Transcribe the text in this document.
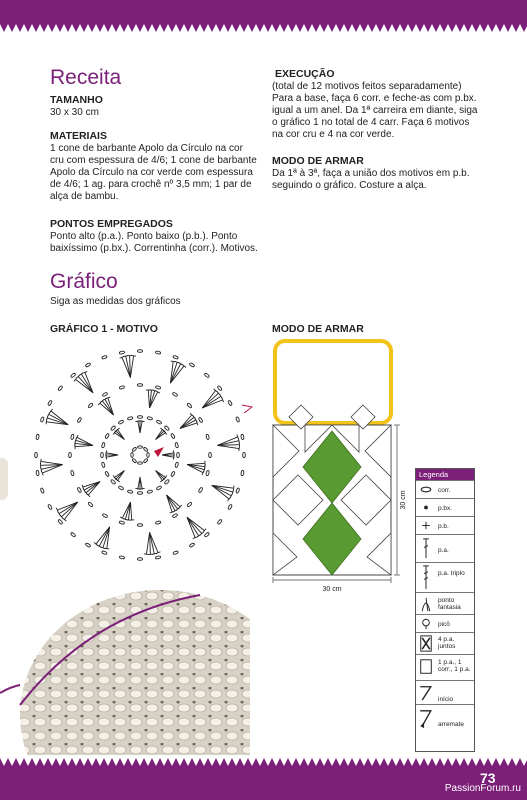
Receita

TAMANHO

30 x 30 cm

MATERIAIS

1 cone de barbante Apolo da Círculo na cor
cru com espessura de 4/6; 1 cone de barbante
Apolo da Círculo na cor verde com espessura
de 4/6; 1 ag. para crochê nº 3,5 mm; 1 par de
alça de bambu.

PONTOS EMPREGADOS

Ponto alto (p.a.). Ponto baixo (p.b.). Ponto
baixíssimo (p.bx.). Correntinha (corr.). Motivos.

EXECUÇÃO

(total de 12 motivos feitos separadamente)
Para a base, faça 6 corr. e feche-as com p.bx.
igual a um anel. Da 1ª carreira em diante, siga
o gráfico 1 no total de 4 carr. Faça 6 motivos
na cor cru e 4 na cor verde.

MODO DE ARMAR

Da 1ª à 3ª, faça a união dos motivos em p.b.
seguindo o gráfico. Costure a alça.
Gráfico

Siga as medidas dos gráficos

GRÁFICO 1 - MOTIVO	MODO DE ARMAR

30 cm
30 cm
Legenda
corr.
p.bx.
p.b.
p.a.
p.a. triplo
ponto fantasia
picô
4 p.a. juntos
1 p.a., 1 corr., 1 p.a.
início
arremate
73
PassionForum.ru
